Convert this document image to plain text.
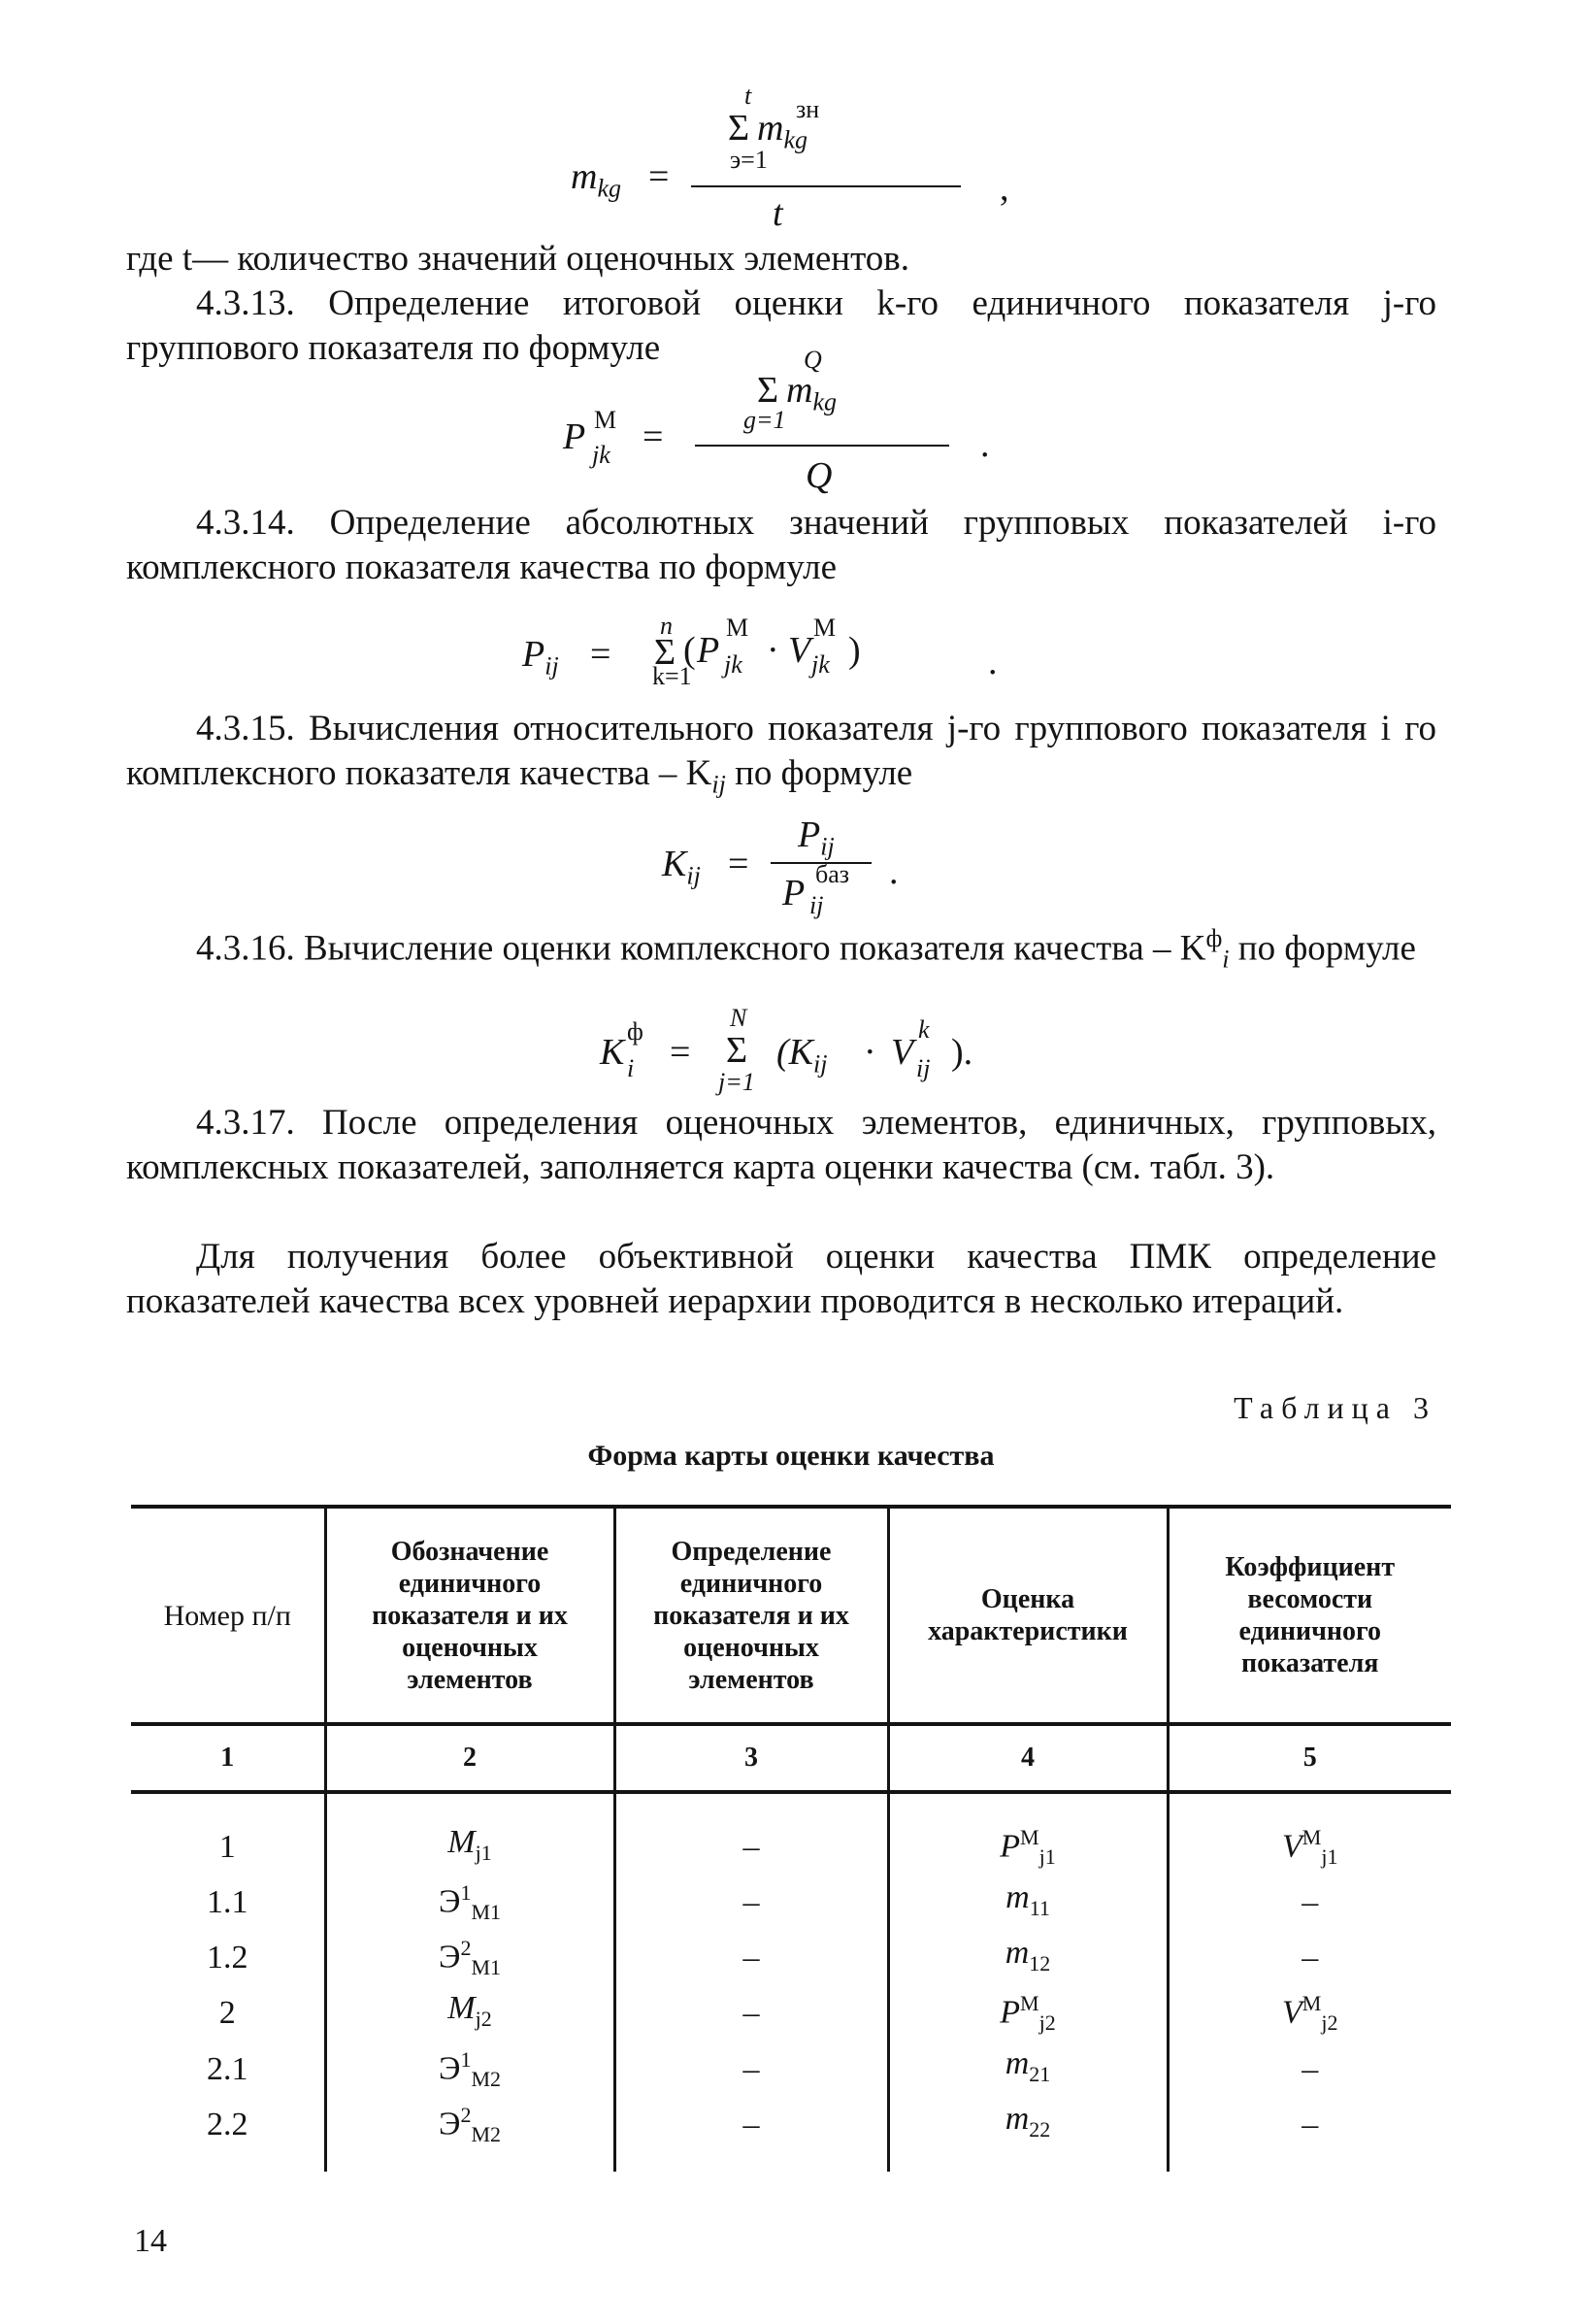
$m_{kg}$ =
t
Σ $m_{kg}$
зн
э=1
t
,

где t— количество значений оценочных элементов.

4.3.13. Определение итоговой оценки k-го единичного показателя j-го группового показателя по формуле

P М
jk =
Q
Σ $m_{kg}$
g=1
Q
.

4.3.14. Определение абсолютных значений групповых показателей i-го комплексного показателя качества по формуле

$P_{ij}$ =
n
Σ
k=1
( P
М
jk · V
М
jk )	.

4.3.15. Вычисления относительного показателя j-го группового показателя i го комплексного показателя качества – $K_{ij}$ по формуле

$K_{ij}$ =
$P_{ij}$
P баз
ij
.

4.3.16. Вычисление оценки комплексного показателя качества – $K^ф_i$ по формуле

K
ф
i =
N
Σ
j=1
($K_{ij} \cdot V$
k
ij ).

4.3.17. После определения оценочных элементов, единичных, групповых, комплексных показателей, заполняется карта оценки качества (см. табл. 3).

Для получения более объективной оценки качества ПМК определение показателей качества всех уровней иерархии проводится в несколько итераций.

Таблица 3
Форма карты оценки качества
Номер п/п	Обозначение единичного показателя и их оценочных элементов	Определение единичного показателя и их оценочных элементов	Оценка характеристики	Коэффициент весомости единичного показателя
1	2	3	4	5
1	$M_{j1}$	–	$P^М_{j1}$	$V^М_{j1}$
1.1	$Э^1_{М1}$	–	$m_{11}$	–
1.2	$Э^2_{М1}$	–	$m_{12}$	–
2	$M_{j2}$	–	$P^М_{j2}$	$V^М_{j2}$
2.1	$Э^1_{М2}$	–	$m_{21}$	–
2.2	$Э^2_{М2}$	–	$m_{22}$	–
14
